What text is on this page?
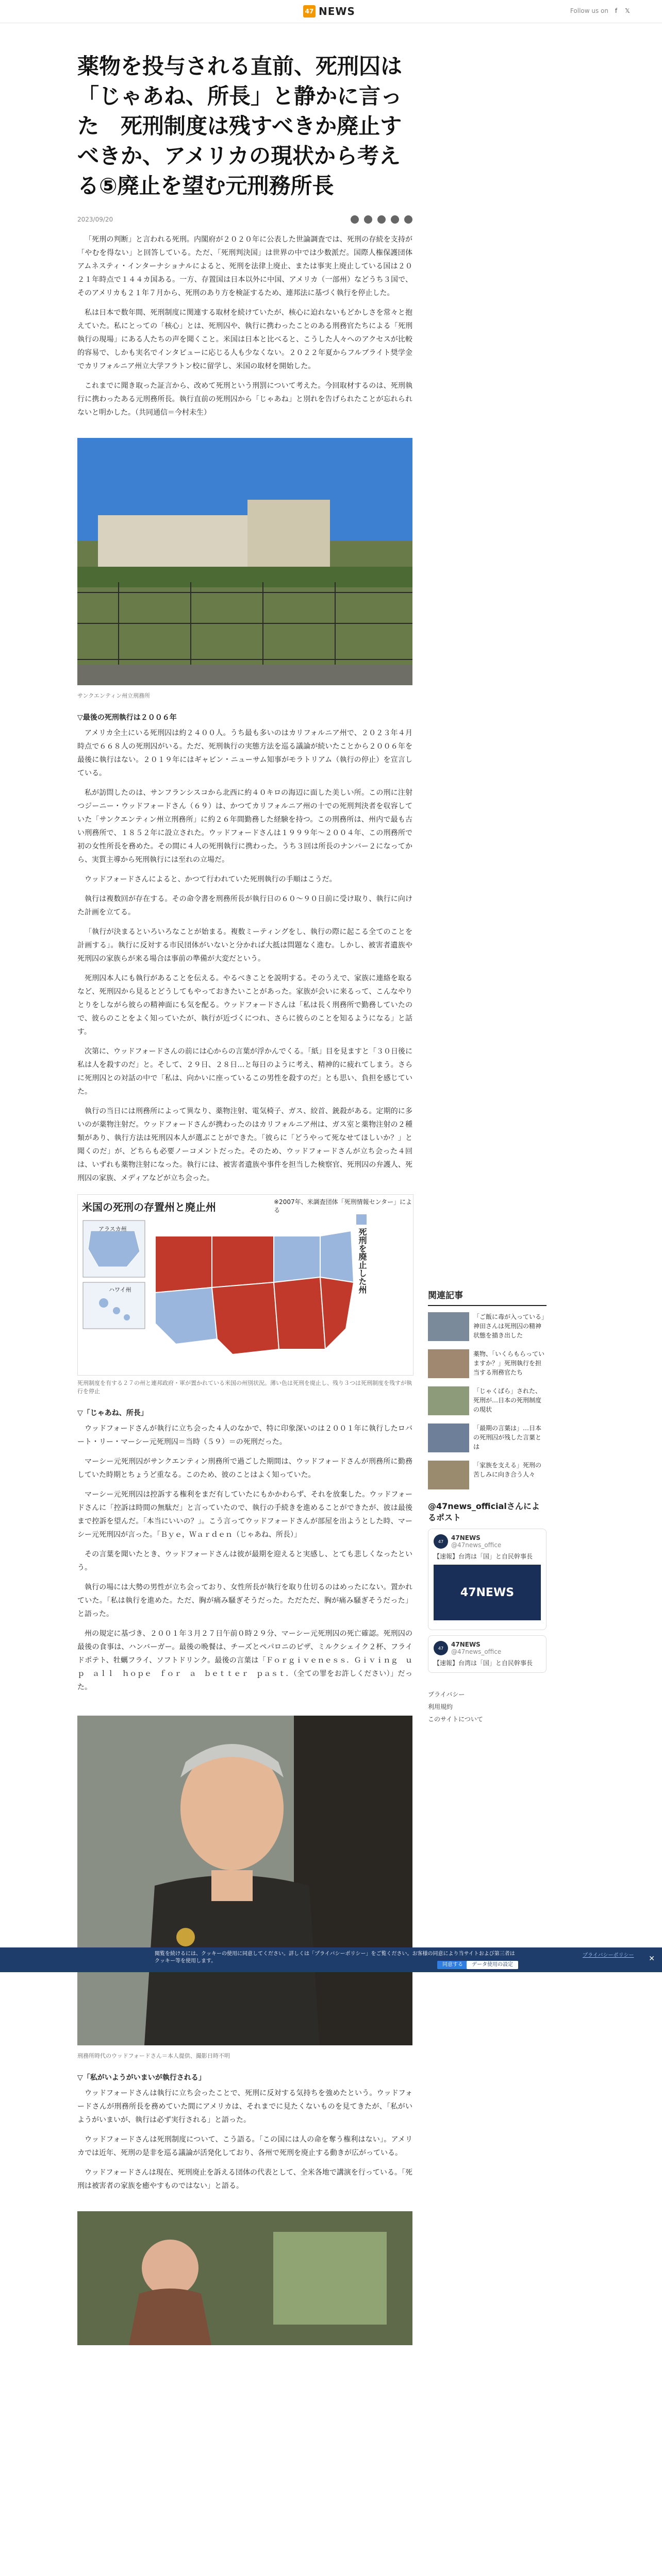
47 NEWS	Follow us on	f	𝕏
薬物を投与される直前、死刑囚は「じゃあね、所長」と静かに言った　死刑制度は残すべきか廃止すべきか、アメリカの現状から考える⑤廃止を望む元刑務所長
2023/09/20

「死刑の判断」と言われる死刑。内閣府が２０２０年に公表した世論調査では、死刑の存続を支持が「やむを得ない」と回答している。ただ、「死刑判決国」は世界の中では少数派だ。国際人権保護団体アムネスティ・インターナショナルによると、死刑を法律上廃止、または事実上廃止している国は２０２１年時点で１４４カ国ある。一方、存置国は日本以外に中国、アメリカ（一部州）などうち３国で、そのアメリカも２１年７月から、死刑のあり方を検証するため、連邦法に基づく執行を停止した。

私は日本で数年間、死刑制度に関連する取材を続けていたが、核心に迫れないもどかしさを常々と抱えていた。私にとっての「核心」とは、死刑囚や、執行に携わったことのある刑務官たちによる「死刑執行の現場」にある人たちの声を聞くこと。米国は日本と比べると、こうした人々へのアクセスが比較的容易で、しかも実名でインタビューに応じる人も少なくない。２０２２年夏からフルブライト奨学金でカリフォルニア州立大学フラトン校に留学し、米国の取材を開始した。

これまでに聞き取った証言から、改めて死刑という刑罰について考えた。今回取材するのは、死刑執行に携わったある元刑務所長。執行直前の死刑囚から「じゃあね」と別れを告げられたことが忘れられないと明かした。（共同通信＝今村未生）

サンクエンティン州立刑務所

▽最後の死刑執行は２００６年

アメリカ全土にいる死刑囚は約２４００人。うち最も多いのはカリフォルニア州で、２０２３年４月時点で６６８人の死刑囚がいる。ただ、死刑執行の実態方法を巡る議論が続いたことから２００６年を最後に執行はない。２０１９年にはギャビン・ニューサム知事がモラトリアム（執行の停止）を宣言している。

私が訪問したのは、サンフランシスコから北西に約４０キロの海辺に面した美しい所。この刑に注射つジーニー・ウッドフォードさん（６９）は、かつてカリフォルニア州の十での死刑判決者を収容していた「サンクエンティン州立刑務所」に約２６年間勤務した経験を持つ。この刑務所は、州内で最も古い刑務所で、１８５２年に設立された。ウッドフォードさんは１９９９年～２００４年、この刑務所で初の女性所長を務めた。その間に４人の死刑執行に携わった。うち３回は所長のナンバー２になってから、実質主導から死刑執行には至れの立場だ。

ウッドフォードさんによると、かつて行われていた死刑執行の手順はこうだ。

執行は複数回が存在する。その命令書を刑務所長が執行日の６０～９０日前に受け取り、執行に向けた計画を立てる。

「執行が決まるといろいろなことが始まる。複数ミーティングをし、執行の際に起こる全てのことを計画する」。執行に反対する市民団体がいないと分かれば大抵は問題なく進む。しかし、被害者遺族や死刑囚の家族らが来る場合は事前の準備が大変だという。

死刑囚本人にも執行があることを伝える。やるべきことを説明する。そのうえで、家族に連絡を取るなど、死刑囚から見るとどうしてもやっておきたいことがあった。家族が会いに来るって、こんなやりとりをしながら彼らの精神面にも気を配る。ウッドフォードさんは「私は長く刑務所で勤務していたので、彼らのことをよく知っていたが、執行が近づくにつれ、さらに彼らのことを知るようになる」と話す。

次第に、ウッドフォードさんの前には心からの言葉が浮かんでくる。「紙」目を見ますと「３０日後に私は人を殺すのだ」と。そして、２９日、２８日…と毎日のように考え、精神的に疲れてしまう。さらに死刑囚との対話の中で「私は、向かいに座っているこの男性を殺すのだ」とも思い、負担を感じていた。

執行の当日には刑務所によって異なり、薬物注射、電気椅子、ガス、絞首、銃殺がある。定期的に多いのが薬物注射だ。ウッドフォードさんが携わったのはカリフォルニア州は、ガス室と薬物注射の２種類があり、執行方法は死刑囚本人が選ぶことができた。「彼らに「どうやって死なせてほしいか？」と聞くのだ」が、どちらも必要ノーコメントだった。そのため、ウッドフォードさんが立ち会った４回は、いずれも薬物注射になった。執行には、被害者遺族や事件を担当した検察官、死刑囚の弁護人、死刑囚の家族、メディアなどが立ち会った。

米国の死刑の存置州と廃止州	※2007年、米調査団体「死刑情報センター」による
アラスカ州
ハワイ州	死刑を廃止した州

死刑制度を有する２７の州と連邦政府・軍が置かれている米国の州別状況。薄い色は死刑を廃止し、残り３つは死刑制度を残すが執行を停止

▽「じゃあね、所長」

ウッドフォードさんが執行に立ち会った４人のなかで、特に印象深いのは２００１年に執行したロバート・リー・マーシー元死刑囚＝当時（５９）＝の死刑だった。

マーシー元死刑囚がサンクエンティン刑務所で過ごした期間は、ウッドフォードさんが刑務所に勤務していた時期とちょうど重なる。このため、彼のことはよく知っていた。

マーシー元死刑囚は控訴する権利をまだ有していたにもかかわらず、それを放棄した。ウッドフォードさんに「控訴は時間の無駄だ」と言っていたので、執行の手続きを進めることができたが、彼は最後まで控訴を望んだ。「本当にいいの？」。こう言ってウッドフォードさんが部屋を出ようとした時、マーシー元死刑囚が言った。「Ｂｙｅ，Ｗａｒｄｅｎ（じゃあね、所長）」

その言葉を聞いたとき、ウッドフォードさんは彼が最期を迎えると実感し、とても悲しくなったという。

執行の場には大勢の男性が立ち会っており、女性所長が執行を取り仕切るのはめったにない。置かれていた。「私は執行を進めた。ただ、胸が痛み騒ぎそうだった。ただただ、胸が痛み騒ぎそうだった」と語った。

州の規定に基づき、２００１年３月２７日午前０時２９分、マーシー元死刑囚の死亡確認。死刑囚の最後の食事は、ハンバーガー。最後の晩餐は、チーズとペパロニのピザ、ミルクシェイク２杯、フライドポテト、牡蠣フライ、ソフトドリンク。最後の言葉は「Ｆｏｒｇｉｖｅｎｅｓｓ．Ｇｉｖｉｎｇ　ｕｐ　ａｌｌ　ｈｏｐｅ　ｆｏｒ　ａ　ｂｅｔｔｅｒ　ｐａｓｔ．（全ての罪をお許しください）」だった。

刑務所時代のウッドフォードさん＝本人提供、撮影日時不明

▽「私がいようがいまいが執行される」

ウッドフォードさんは執行に立ち会ったことで、死刑に反対する気持ちを強めたという。ウッドフォードさんが刑務所長を務めていた間にアメリカは、それまでに見たくないものを見てきたが、「私がいようがいまいが、執行は必ず実行される」と語った。

ウッドフォードさんは死刑制度について、こう語る。「この国には人の命を奪う権利はない」。アメリカでは近年、死刑の是非を巡る議論が活発化しており、各州で死刑を廃止する動きが広がっている。

ウッドフォードさんは現在、死刑廃止を訴える団体の代表として、全米各地で講演を行っている。「死刑は被害者の家族を癒やすものではない」と語る。

関連記事
「ご飯に毒が入っている」神田さんは死刑囚の精神状態を描き出した
薬物、「いくらもらっていますか？」死刑執行を担当する刑務官たち
「じゃくばら」された、死刑が…日本の死刑制度の現状
「最期の言葉は」…日本の死刑囚が残した言葉とは
「家族を支える」死刑の苦しみに向き合う人々
@47news_officialさんによるポスト
47	47NEWS
@47news_office
【速報】台湾は「国」と自民幹事長
47NEWS
47	47NEWS
@47news_office
【速報】台湾は「国」と自民幹事長
プライバシー
利用規約
このサイトについて
閲覧を続けるには、クッキーの使用に同意してください。詳しくは「プライバシーポリシー」をご覧ください。お客様の同意により当サイトおよび第三者はクッキー等を使用します。
同意する	データ使用の設定
プライバシーポリシー ✕
